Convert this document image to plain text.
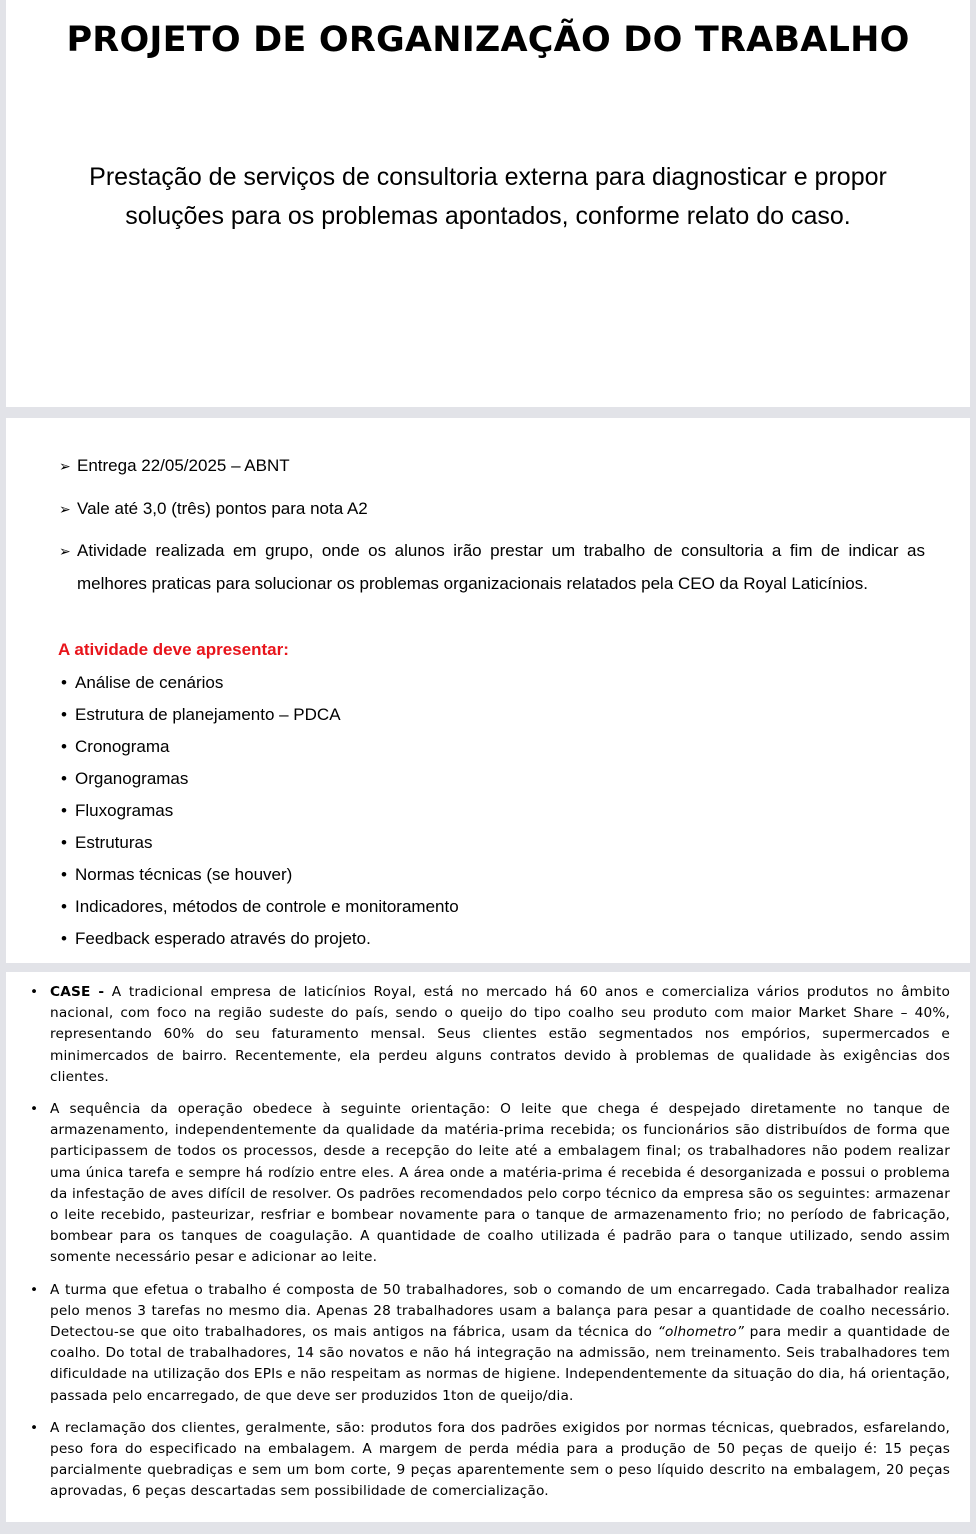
PROJETO DE ORGANIZAÇÃO DO TRABALHO
Prestação de serviços de consultoria externa para diagnosticar e propor soluções para os problemas apontados, conforme relato do caso.
➢ Entrega 22/05/2025 – ABNT
➢ Vale até 3,0 (três) pontos para nota A2
➢ Atividade realizada em grupo, onde os alunos irão prestar um trabalho de consultoria a fim de indicar as melhores praticas para solucionar os problemas organizacionais relatados pela CEO da Royal Laticínios.
A atividade deve apresentar:
• Análise de cenários
• Estrutura de planejamento – PDCA
• Cronograma
• Organogramas
• Fluxogramas
• Estruturas
• Normas técnicas (se houver)
• Indicadores, métodos de controle e monitoramento
• Feedback esperado através do projeto.
• CASE - A tradicional empresa de laticínios Royal, está no mercado há 60 anos e comercializa vários produtos no âmbito nacional, com foco na região sudeste do país, sendo o queijo do tipo coalho seu produto com maior Market Share – 40%, representando 60% do seu faturamento mensal. Seus clientes estão segmentados nos empórios, supermercados e minimercados de bairro. Recentemente, ela perdeu alguns contratos devido à problemas de qualidade às exigências dos clientes.
• A sequência da operação obedece à seguinte orientação: O leite que chega é despejado diretamente no tanque de armazenamento, independentemente da qualidade da matéria-prima recebida; os funcionários são distribuídos de forma que participassem de todos os processos, desde a recepção do leite até a embalagem final; os trabalhadores não podem realizar uma única tarefa e sempre há rodízio entre eles. A área onde a matéria-prima é recebida é desorganizada e possui o problema da infestação de aves difícil de resolver. Os padrões recomendados pelo corpo técnico da empresa são os seguintes: armazenar o leite recebido, pasteurizar, resfriar e bombear novamente para o tanque de armazenamento frio; no período de fabricação, bombear para os tanques de coagulação. A quantidade de coalho utilizada é padrão para o tanque utilizado, sendo assim somente necessário pesar e adicionar ao leite.
• A turma que efetua o trabalho é composta de 50 trabalhadores, sob o comando de um encarregado. Cada trabalhador realiza pelo menos 3 tarefas no mesmo dia. Apenas 28 trabalhadores usam a balança para pesar a quantidade de coalho necessário. Detectou-se que oito trabalhadores, os mais antigos na fábrica, usam da técnica do “olhometro” para medir a quantidade de coalho. Do total de trabalhadores, 14 são novatos e não há integração na admissão, nem treinamento. Seis trabalhadores tem dificuldade na utilização dos EPIs e não respeitam as normas de higiene. Independentemente da situação do dia, há orientação, passada pelo encarregado, de que deve ser produzidos 1ton de queijo/dia.
• A reclamação dos clientes, geralmente, são: produtos fora dos padrões exigidos por normas técnicas, quebrados, esfarelando, peso fora do especificado na embalagem. A margem de perda média para a produção de 50 peças de queijo é: 15 peças parcialmente quebradiças e sem um bom corte, 9 peças aparentemente sem o peso líquido descrito na embalagem, 20 peças aprovadas, 6 peças descartadas sem possibilidade de comercialização.
